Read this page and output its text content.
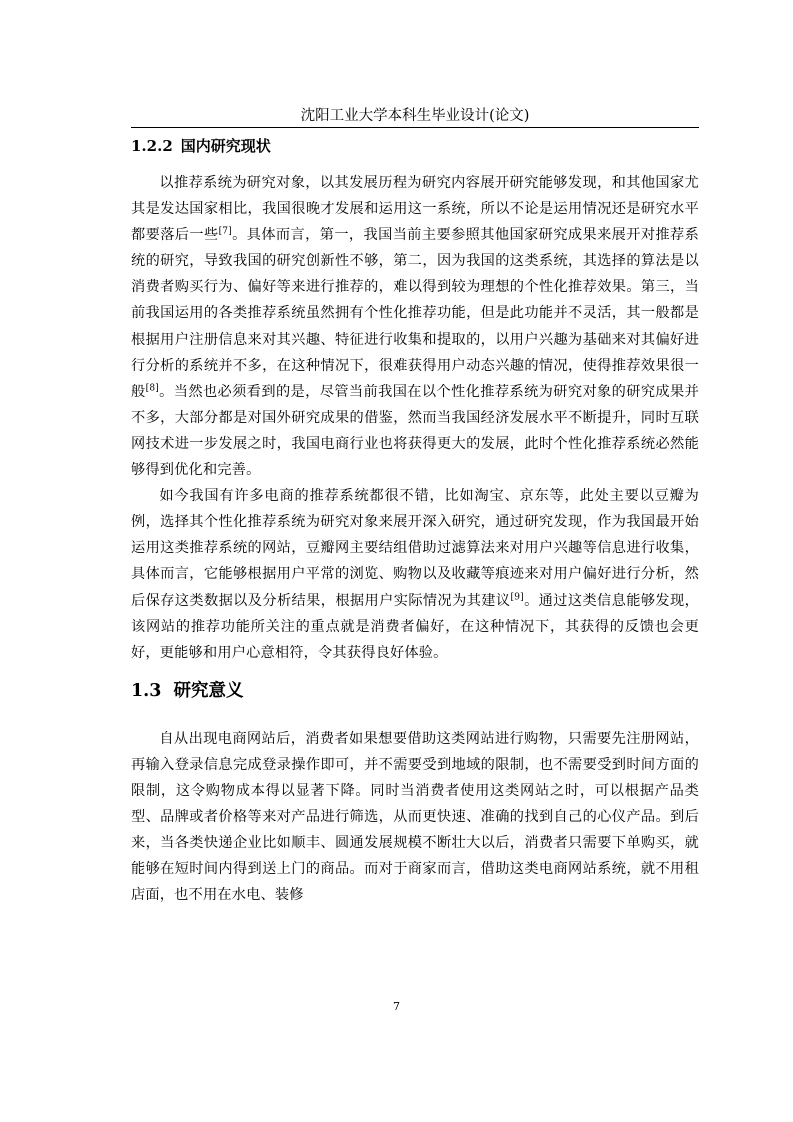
沈阳工业大学本科生毕业设计(论文)
1.2.2 国内研究现状

以推荐系统为研究对象，以其发展历程为研究内容展开研究能够发现，和其他国家尤其是发达国家相比，我国很晚才发展和运用这一系统，所以不论是运用情况还是研究水平都要落后一些[7]。具体而言，第一，我国当前主要参照其他国家研究成果来展开对推荐系统的研究，导致我国的研究创新性不够，第二，因为我国的这类系统，其选择的算法是以消费者购买行为、偏好等来进行推荐的，难以得到较为理想的个性化推荐效果。第三，当前我国运用的各类推荐系统虽然拥有个性化推荐功能，但是此功能并不灵活，其一般都是根据用户注册信息来对其兴趣、特征进行收集和提取的，以用户兴趣为基础来对其偏好进行分析的系统并不多，在这种情况下，很难获得用户动态兴趣的情况，使得推荐效果很一般[8]。当然也必须看到的是，尽管当前我国在以个性化推荐系统为研究对象的研究成果并不多，大部分都是对国外研究成果的借鉴，然而当我国经济发展水平不断提升，同时互联网技术进一步发展之时，我国电商行业也将获得更大的发展，此时个性化推荐系统必然能够得到优化和完善。

如今我国有许多电商的推荐系统都很不错，比如淘宝、京东等，此处主要以豆瓣为例，选择其个性化推荐系统为研究对象来展开深入研究，通过研究发现，作为我国最开始运用这类推荐系统的网站，豆瓣网主要结组借助过滤算法来对用户兴趣等信息进行收集，具体而言，它能够根据用户平常的浏览、购物以及收藏等痕迹来对用户偏好进行分析，然后保存这类数据以及分析结果，根据用户实际情况为其建议[9]。通过这类信息能够发现，该网站的推荐功能所关注的重点就是消费者偏好，在这种情况下，其获得的反馈也会更好，更能够和用户心意相符，令其获得良好体验。

1.3 研究意义

自从出现电商网站后，消费者如果想要借助这类网站进行购物，只需要先注册网站，再输入登录信息完成登录操作即可，并不需要受到地域的限制，也不需要受到时间方面的限制，这令购物成本得以显著下降。同时当消费者使用这类网站之时，可以根据产品类型、品牌或者价格等来对产品进行筛选，从而更快速、准确的找到自己的心仪产品。到后来，当各类快递企业比如顺丰、圆通发展规模不断壮大以后，消费者只需要下单购买，就能够在短时间内得到送上门的商品。而对于商家而言，借助这类电商网站系统，就不用租店面，也不用在水电、装修

7
